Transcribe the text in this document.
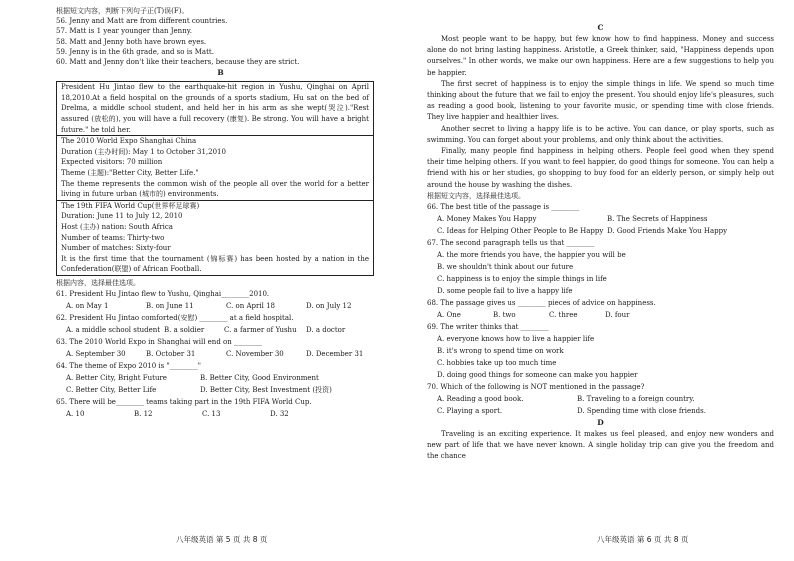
根据短文内容，判断下列句子正(T)误(F)。
56. Jenny and Matt are from different countries.
57. Matt is 1 year younger than Jenny.
58. Matt and Jenny both have brown eyes.
59. Jenny is in the 6th grade, and so is Matt.
60. Matt and Jenny don't like their teachers, because they are strict.
B
President Hu Jintao flew to the earthquake-hit region in Yushu, Qinghai on April 18,2010.At a field hospital on the grounds of a sports stadium, Hu sat on the bed of Drelma, a middle school student, and held her in his arm as she wept(哭泣)."Rest assured (放松的), you will have a full recovery (康复). Be strong. You will have a bright future." he told her.
The 2010 World Expo Shanghai China
Duration (主办时间): May 1 to October 31,2010
Expected visitors: 70 million
Theme (主题):"Better City, Better Life."
The theme represents the common wish of the people all over the world for a better living in future urban (城市的) environments.
The 19th FIFA World Cup(世界杯足球赛)
Duration: June 11 to July 12, 2010
Host (主办) nation: South Africa
Number of teams: Thirty-two
Number of matches: Sixty-four
It is the first time that the tournament (锦标赛) has been hosted by a nation in the Confederation(联盟) of African Football.
根据内容，选择最佳选项。
61. President Hu Jintao flew to Yushu, Qinghai________2010.
A. on May 1	B. on June 11	C. on April 18	D. on July 12
62. President Hu Jintao comforted(安慰) ________ at a field hospital.
A. a middle school student B. a soldier	C. a farmer of Yushu	D. a doctor
63. The 2010 World Expo in Shanghai will end on ________
A. September 30	B. October 31	C. November 30	D. December 31
64. The theme of Expo 2010 is "________"
A. Better City, Bright Future	B. Better City, Good Environment
C. Better City, Better Life	D. Better City, Best Investment (投资)
65. There will be________ teams taking part in the 19th FIFA World Cup.
A. 10	B. 12	C. 13	D. 32
八年级英语 第 5 页 共 8 页
C
Most people want to be happy, but few know how to find happiness. Money and success alone do not bring lasting happiness. Aristotle, a Greek thinker, said, "Happiness depends upon ourselves." In other words, we make our own happiness. Here are a few suggestions to help you be happier.
The first secret of happiness is to enjoy the simple things in life. We spend so much time thinking about the future that we fail to enjoy the present. You should enjoy life's pleasures, such as reading a good book, listening to your favorite music, or spending time with close friends. They live happier and healthier lives.
Another secret to living a happy life is to be active. You can dance, or play sports, such as swimming. You can forget about your problems, and only think about the activities.
Finally, many people find happiness in helping others. People feel good when they spend their time helping others. If you want to feel happier, do good things for someone. You can help a friend with his or her studies, go shopping to buy food for an elderly person, or simply help out around the house by washing the dishes.
根据短文内容，选择最佳选项。
66. The best title of the passage is ________
A. Money Makes You Happy	B. The Secrets of Happiness
C. Ideas for Helping Other People to Be Happy D. Good Friends Make You Happy
67. The second paragraph tells us that ________
A. the more friends you have, the happier you will be
B. we shouldn't think about our future
C. happiness is to enjoy the simple things in life
D. some people fail to live a happy life
68. The passage gives us ________ pieces of advice on happiness.
A. One	B. two	C. three	D. four
69. The writer thinks that ________
A. everyone knows how to live a happier life
B. it's wrong to spend time on work
C. hobbies take up too much time
D. doing good things for someone can make you happier
70. Which of the following is NOT mentioned in the passage?
A. Reading a good book.	B. Traveling to a foreign country.
C. Playing a sport.	D. Spending time with close friends.
D
Traveling is an exciting experience. It makes us feel pleased, and enjoy new wonders and new part of life that we have never known. A single holiday trip can give you the freedom and the chance
八年级英语 第 6 页 共 8 页
